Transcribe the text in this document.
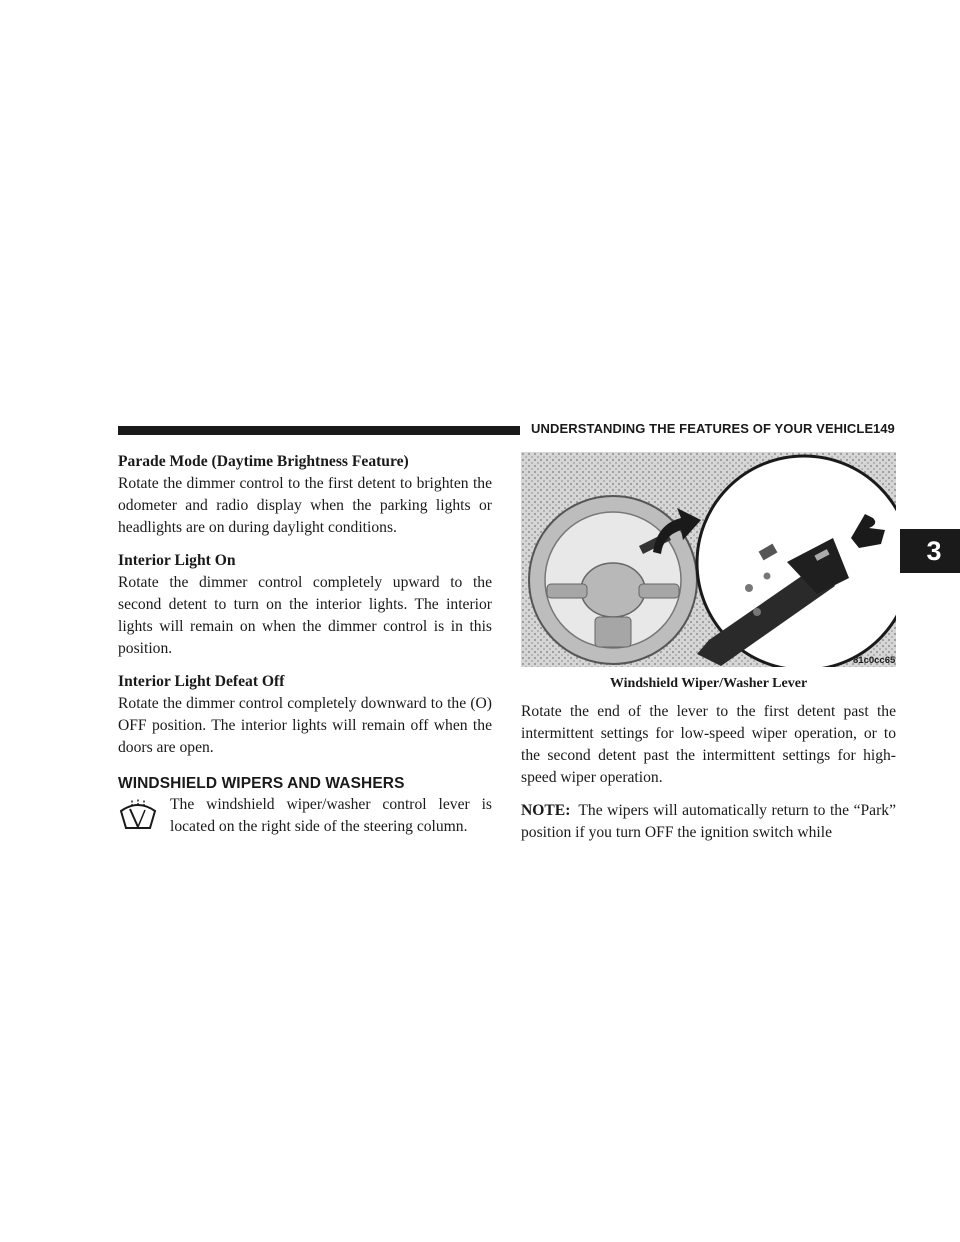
UNDERSTANDING THE FEATURES OF YOUR VEHICLE 149
3
Parade Mode (Daytime Brightness Feature)

Rotate the dimmer control to the first detent to brighten the odometer and radio display when the parking lights or headlights are on during daylight conditions.

Interior Light On

Rotate the dimmer control completely upward to the second detent to turn on the interior lights. The interior lights will remain on when the dimmer control is in this position.

Interior Light Defeat Off

Rotate the dimmer control completely downward to the (O) OFF position. The interior lights will remain off when the doors are open.

WINDSHIELD WIPERS AND WASHERS

The windshield wiper/washer control lever is located on the right side of the steering column.

81c0cc65
Windshield Wiper/Washer Lever

Rotate the end of the lever to the first detent past the intermittent settings for low-speed wiper operation, or to the second detent past the intermittent settings for high-speed wiper operation.

NOTE: The wipers will automatically return to the “Park” position if you turn OFF the ignition switch while
